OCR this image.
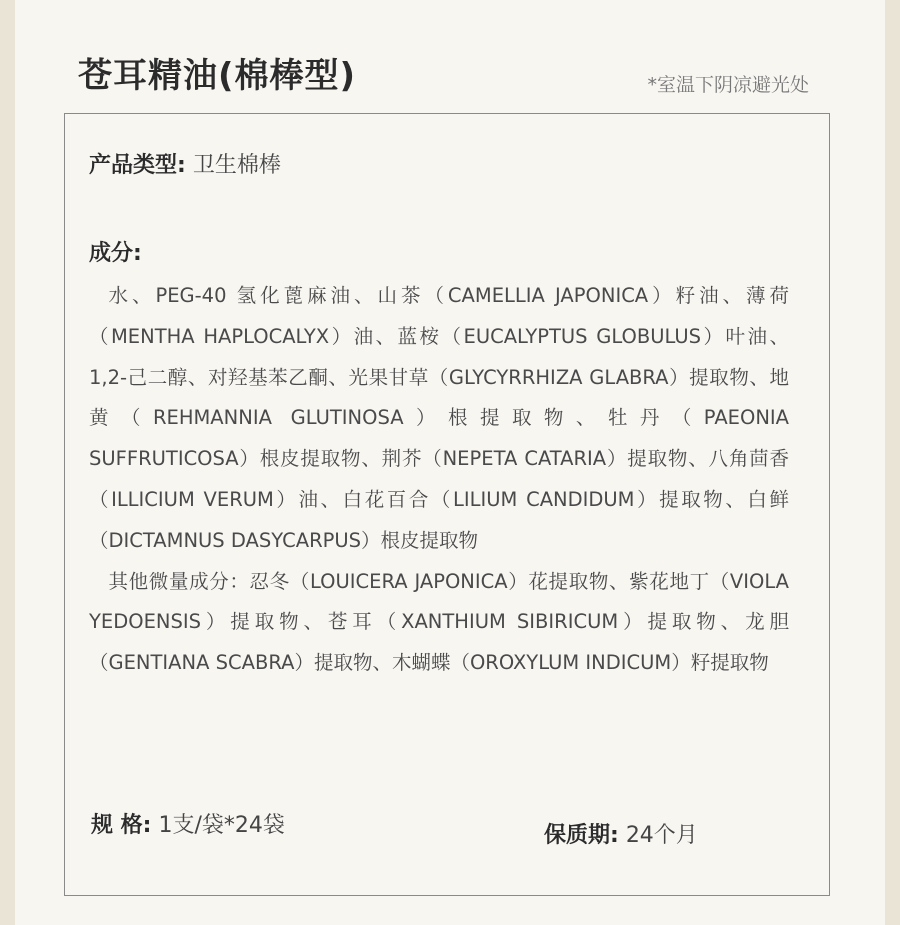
苍耳精油(棉棒型)	*室温下阴凉避光处
产品类型: 卫生棉棒
成分:

水、PEG-40 氢化蓖麻油、山茶（CAMELLIA JAPONICA）籽油、薄荷（MENTHA HAPLOCALYX）油、蓝桉（EUCALYPTUS GLOBULUS）叶油、1,2-己二醇、对羟基苯乙酮、光果甘草（GLYCYRRHIZA GLABRA）提取物、地黄（REHMANNIA GLUTINOSA）根提取物、牡丹（PAEONIA SUFFRUTICOSA）根皮提取物、荆芥（NEPETA CATARIA）提取物、八角茴香（ILLICIUM VERUM）油、白花百合（LILIUM CANDIDUM）提取物、白鲜（DICTAMNUS DASYCARPUS）根皮提取物

其他微量成分：忍冬（LOUICERA JAPONICA）花提取物、紫花地丁（VIOLA YEDOENSIS）提取物、苍耳（XANTHIUM SIBIRICUM）提取物、龙胆（GENTIANA SCABRA）提取物、木蝴蝶（OROXYLUM INDICUM）籽提取物

规 格: 1支/袋*24袋	保质期: 24个月
